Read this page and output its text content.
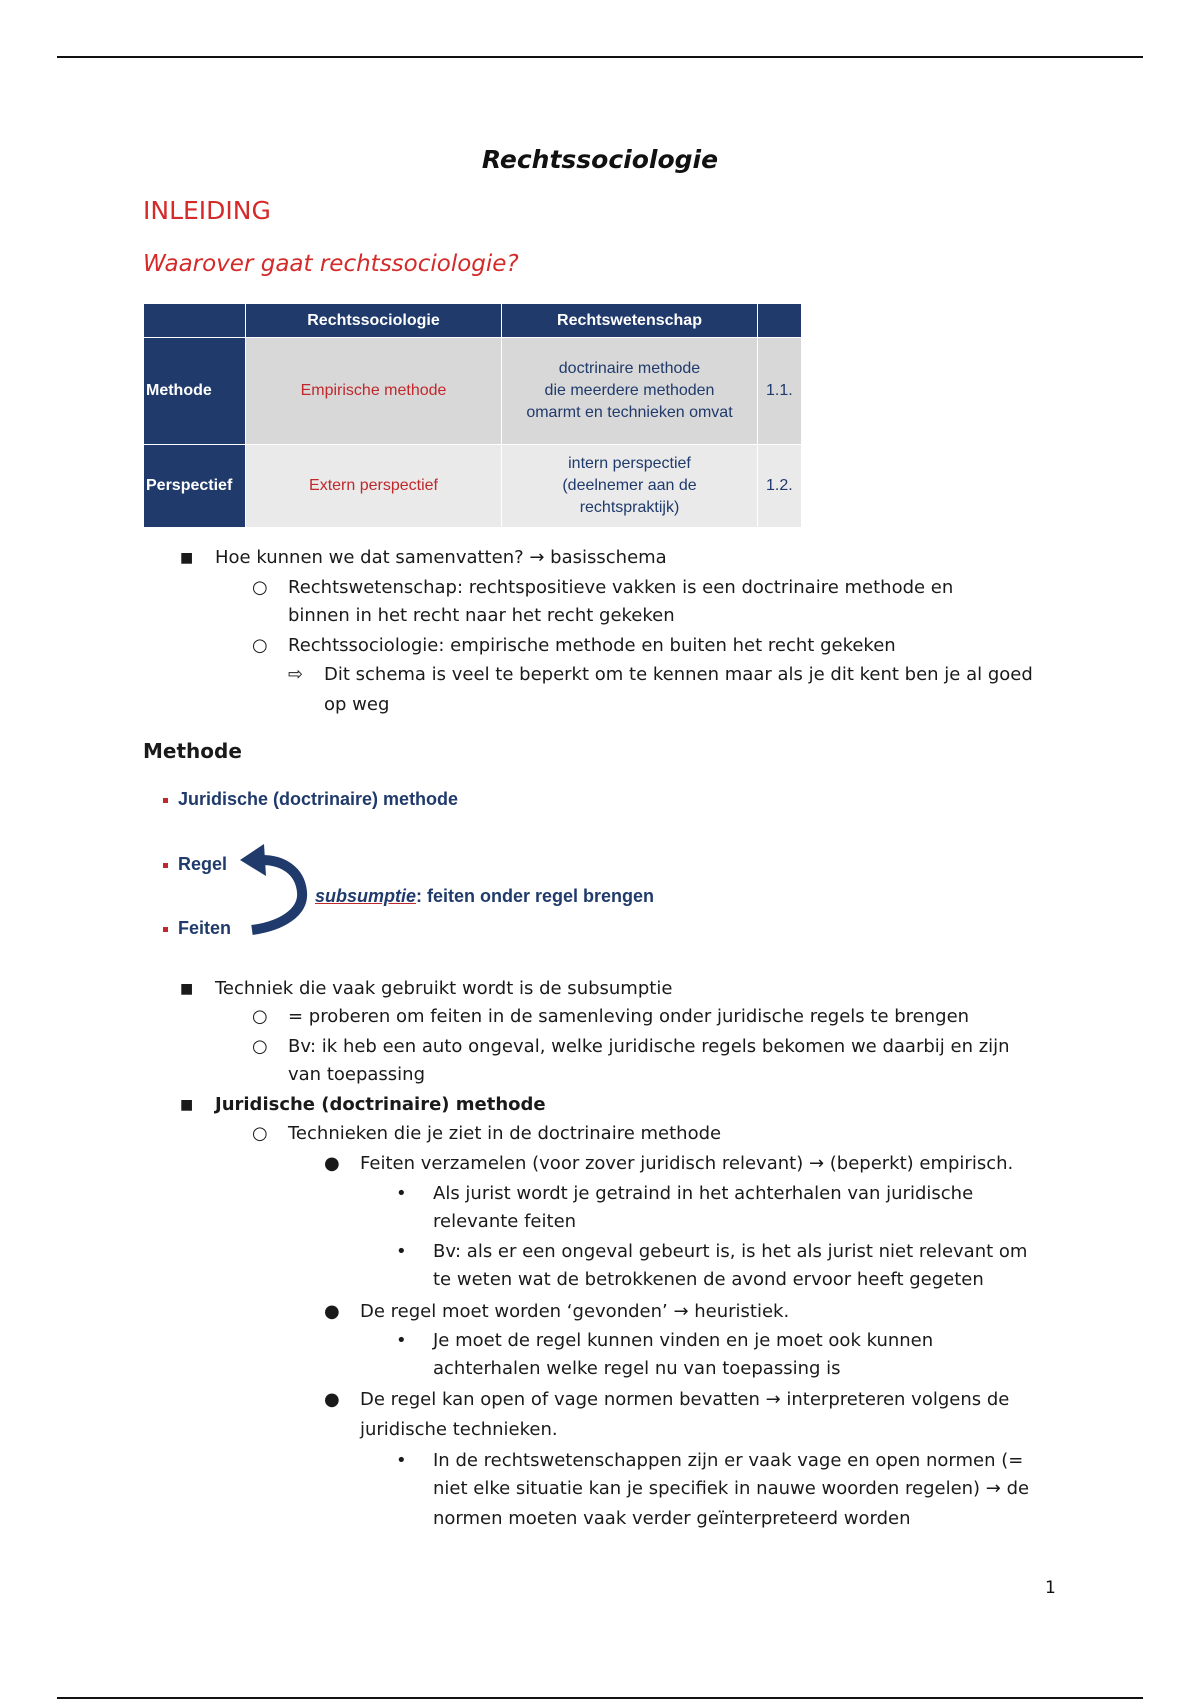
Rechtssociologie
INLEIDING
Waarover gaat rechtssociologie?
	Rechtssociologie	Rechtswetenschap	
Methode	Empirische methode	doctrinaire methode
die meerdere methoden
omarmt en technieken omvat	1.1.
Perspectief	Extern perspectief	intern perspectief
(deelnemer aan de
rechtspraktijk)	1.2.
■ Hoe kunnen we dat samenvatten? → basisschema
○ Rechtswetenschap: rechtspositieve vakken is een doctrinaire methode en
binnen in het recht naar het recht gekeken
○ Rechtssociologie: empirische methode en buiten het recht gekeken
⇨ Dit schema is veel te beperkt om te kennen maar als je dit kent ben je al goed
op weg
Methode
Juridische (doctrinaire) methode
Regel
Feiten
subsumptie: feiten onder regel brengen
■ Techniek die vaak gebruikt wordt is de subsumptie
○ = proberen om feiten in de samenleving onder juridische regels te brengen
○ Bv: ik heb een auto ongeval, welke juridische regels bekomen we daarbij en zijn
van toepassing
■ Juridische (doctrinaire) methode
○ Technieken die je ziet in de doctrinaire methode
● Feiten verzamelen (voor zover juridisch relevant) → (beperkt) empirisch.
• Als jurist wordt je getraind in het achterhalen van juridische
relevante feiten
• Bv: als er een ongeval gebeurt is, is het als jurist niet relevant om
te weten wat de betrokkenen de avond ervoor heeft gegeten
● De regel moet worden ‘gevonden’ → heuristiek.
• Je moet de regel kunnen vinden en je moet ook kunnen
achterhalen welke regel nu van toepassing is
● De regel kan open of vage normen bevatten → interpreteren volgens de
juridische technieken.
• In de rechtswetenschappen zijn er vaak vage en open normen (=
niet elke situatie kan je specifiek in nauwe woorden regelen) → de
normen moeten vaak verder geïnterpreteerd worden
1
